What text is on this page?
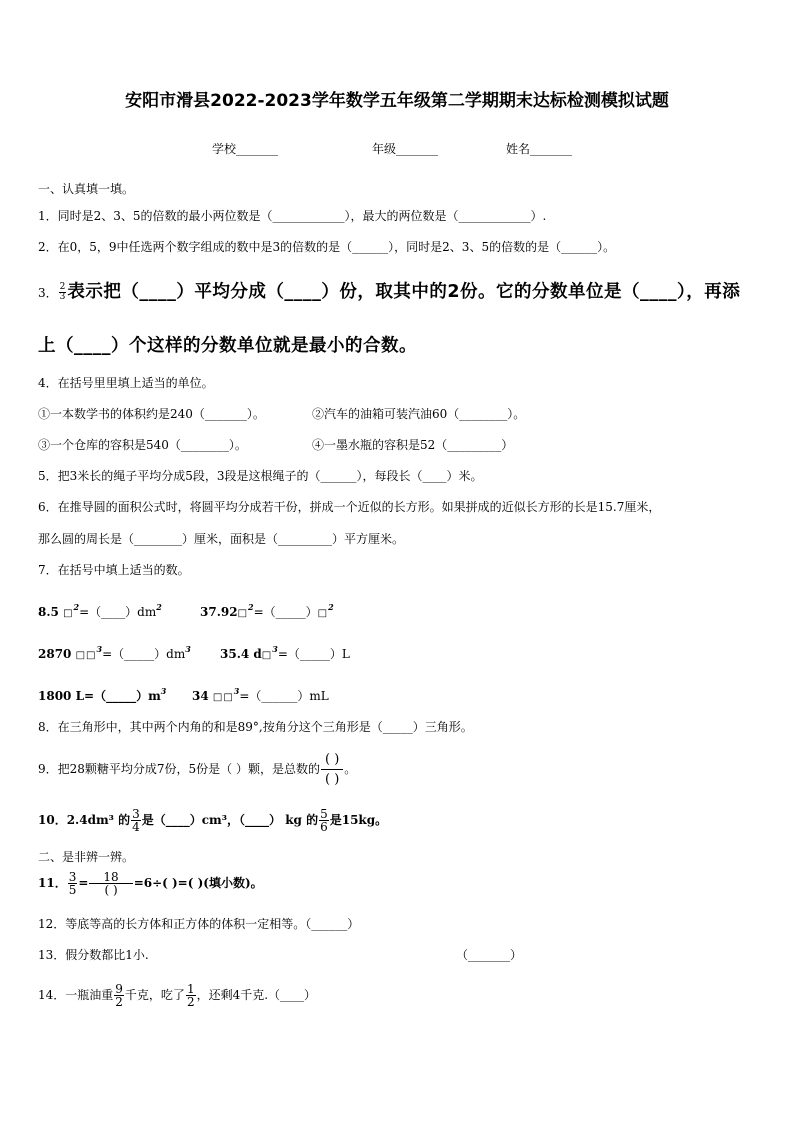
安阳市滑县2022-2023学年数学五年级第二学期期末达标检测模拟试题
学校_______	年级_______	姓名_______
一、认真填一填。
1．同时是2、3、5的倍数的最小两位数是（____________），最大的两位数是（____________）.
2．在0，5，9中任选两个数字组成的数中是3的倍数的是（______），同时是2、3、5的倍数的是（______）。
3． $\frac{2}{3}$ 表示把（____）平均分成（____）份，取其中的2份。它的分数单位是（____），再添
上（____）个这样的分数单位就是最小的合数。
4．在括号里里填上适当的单位。
①一本数学书的体积约是240（_______）。	②汽车的油箱可装汽油60（________）。
③一个仓库的容积是540（________）。	④一墨水瓶的容积是52（_________）
5．把3米长的绳子平均分成5段，3段是这根绳子的（______），每段长（____）米。
6．在推导圆的面积公式时，将圆平均分成若干份，拼成一个近似的长方形。如果拼成的近似长方形的长是15.7厘米，
那么圆的周长是（________）厘米，面积是（_________）平方厘米。
7．在括号中填上适当的数。
8.5 $□^2=(\_\_\_\_)dm^2$	37.92□$^2$=（_____）□$^2$
2870 $□□^3=(\_\_\_\_\_)dm^3$ 35.4 d□$^3$=（_____）L
1800 $L=(\_\_\_\_\_)m^3$ 34 □□$^3$=（______）mL
8．在三角形中，其中两个内角的和是89°,按角分这个三角形是（_____）三角形。
9．把28颗糖平均分成7份，5份是（ ）颗，是总数的 $\frac{( )}{( )}$ 。
10．2.4dm³ 的 $\frac{3}{4}$ 是（____）cm³，（____） kg 的 $\frac{5}{6}$ 是15kg。
二、是非辨一辨。
11． $\frac{3}{5} = \frac{18}{( )} =6\div$( )=( )(填小数)。
12．等底等高的长方体和正方体的体积一定相等。（______）
13．假分数都比1小.	（_______）
14．一瓶油重 $\frac{9}{2}$ 千克，吃了 $\frac{1}{2}$ ，还剩4千克.（____）
